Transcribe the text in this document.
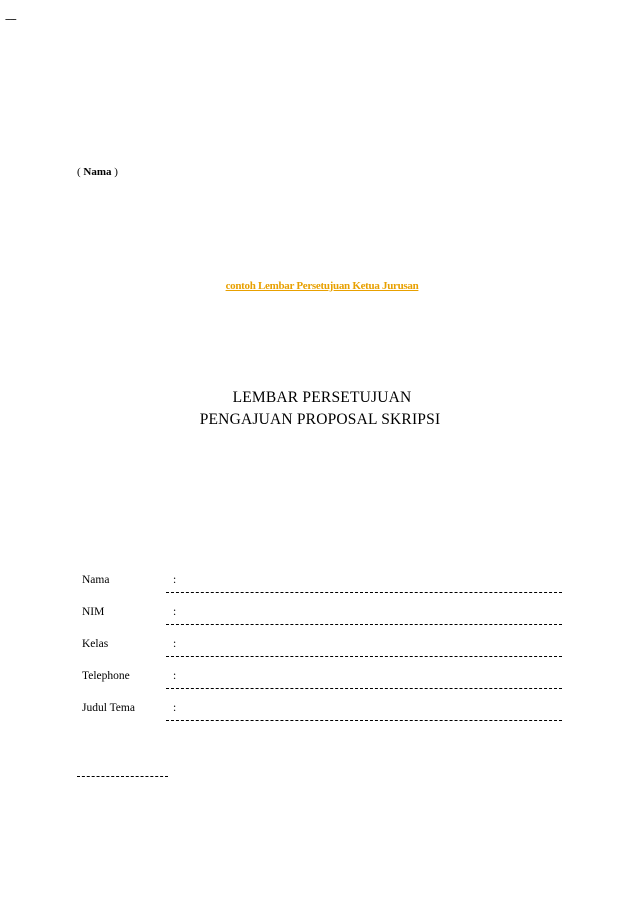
----
( Nama )
contoh Lembar Persetujuan Ketua Jurusan
LEMBAR PERSETUJUAN
PENGAJUAN PROPOSAL SKRIPSI
Nama	:
NIM	:
Kelas	:
Telephone	:
Judul Tema	:
